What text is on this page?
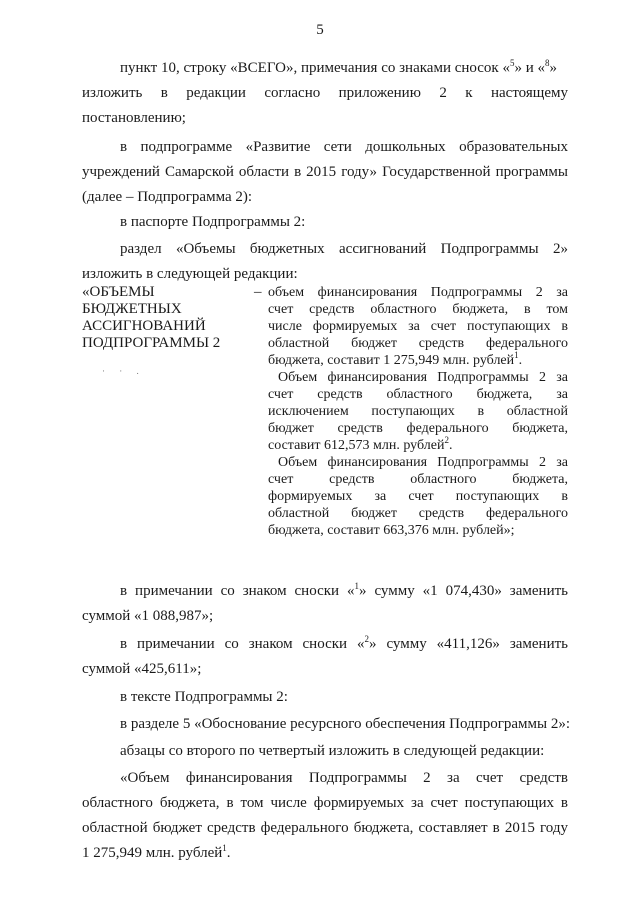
5
пункт 10, строку «ВСЕГО», примечания со знаками сносок «$^5$» и «$^8$»
изложить в редакции согласно приложению 2 к настоящему
постановлению;
в подпрограмме «Развитие сети дошкольных образовательных
учреждений Самарской области в 2015 году» Государственной программы
(далее – Подпрограмма 2):
в паспорте Подпрограммы 2:
раздел «Объемы бюджетных ассигнований Подпрограммы 2»
изложить в следующей редакции:
«ОБЪЕМЫ
БЮДЖЕТНЫХ
АССИГНОВАНИЙ
ПОДПРОГРАММЫ 2
· · .
– объем финансирования Подпрограммы 2 за
счет средств областного бюджета, в том
числе формируемых за счет поступающих в
областной бюджет средств федерального
бюджета, составит 1 275,949 млн. рублей$^1$.
Объем финансирования Подпрограммы 2 за
счет средств областного бюджета, за
исключением поступающих в областной
бюджет средств федерального бюджета,
составит 612,573 млн. рублей$^2$.
Объем финансирования Подпрограммы 2 за
счет средств областного бюджета,
формируемых за счет поступающих в
областной бюджет средств федерального
бюджета, составит 663,376 млн. рублей»;
в примечании со знаком сноски «$^1$» сумму «1 074,430» заменить
суммой «1 088,987»;
в примечании со знаком сноски «$^2$» сумму «411,126» заменить
суммой «425,611»;
в тексте Подпрограммы 2:
в разделе 5 «Обоснование ресурсного обеспечения Подпрограммы 2»:
абзацы со второго по четвертый изложить в следующей редакции:
«Объем финансирования Подпрограммы 2 за счет средств
областного бюджета, в том числе формируемых за счет поступающих в
областной бюджет средств федерального бюджета, составляет в 2015 году
1 275,949 млн. рублей$^1$.
